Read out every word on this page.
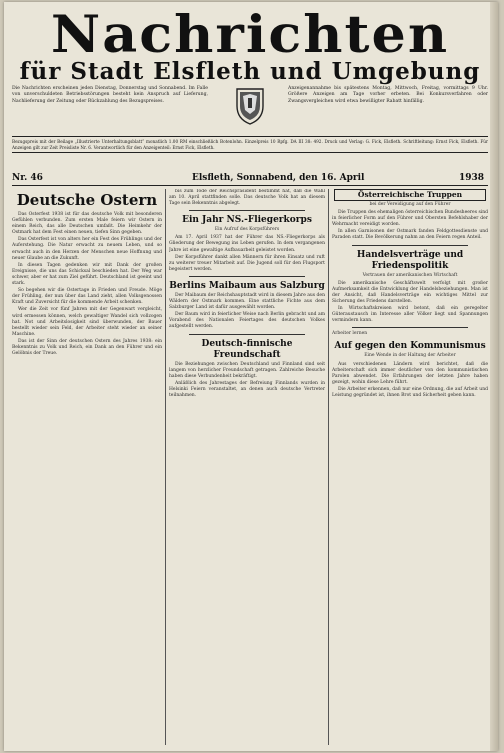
Nachrichten
für Stadt Elsfleth und Umgebung
Die Nachrichten erscheinen jeden Dienstag, Donnerstag und Sonnabend. Im Falle von unverschuldeten Betriebsstörungen besteht kein Anspruch auf Lieferung, Nachlieferung der Zeitung oder Rückzahlung des Bezugspreises.
Anzeigenannahme bis spätestens Montag, Mittwoch, Freitag, vormittags 9 Uhr. Größere Anzeigen am Tage vorher erbeten. Bei Konkursverfahren oder Zwangsvergleichen wird etwa bewilligter Rabatt hinfällig.
Bezugspreis mit der Beilage „Illustrierte Unterhaltungsblatt“ monatlich 1.00 RM einschließlich Botenlohn. Einzelpreis 10 Rpfg. DA III 38: 492. Druck und Verlag: G. Fick, Elsfleth. Schriftleitung: Ernst Fick, Elsfleth. Für Anzeigen gilt zur Zeit Preisliste Nr. 6. Verantwortlich für den Anzeigenteil: Ernst Fick, Elsfleth.
Nr. 46	Elsfleth, Sonnabend, den 16. April	1938
Deutsche Ostern

Das Osterfest 1938 ist für das deutsche Volk mit besonderen Gefühlen verbunden. Zum ersten Male feiern wir Ostern in einem Reich, das alle Deutschen umfaßt. Die Heimkehr der Ostmark hat dem Fest einen neuen, tiefen Sinn gegeben.

Das Osterfest ist von alters her ein Fest des Frühlings und der Auferstehung. Die Natur erwacht zu neuem Leben, und so erwacht auch in den Herzen der Menschen neue Hoffnung und neuer Glaube an die Zukunft.

In diesen Tagen gedenken wir mit Dank der großen Ereignisse, die uns das Schicksal beschieden hat. Der Weg war schwer, aber er hat zum Ziel geführt. Deutschland ist geeint und stark.

So begehen wir die Ostertage in Frieden und Freude. Möge der Frühling, der nun über das Land zieht, allen Volksgenossen Kraft und Zuversicht für die kommende Arbeit schenken.

Wer die Zeit vor fünf Jahren mit der Gegenwart vergleicht, wird ermessen können, welch gewaltiger Wandel sich vollzogen hat. Not und Arbeitslosigkeit sind überwunden, der Bauer bestellt wieder sein Feld, der Arbeiter steht wieder an seiner Maschine.

Das ist der Sinn der deutschen Ostern des Jahres 1938: ein Bekenntnis zu Volk und Reich, ein Dank an den Führer und ein Gelöbnis der Treue.

bis zum Tode der Reichspräsident bestimmt hat, daß die Wahl am 10. April stattfinden solle. Das deutsche Volk hat an diesem Tage sein Bekenntnis abgelegt.

Ein Jahr NS.-Fliegerkorps
Ein Aufruf des Korpsführers

Am 17. April 1937 hat der Führer das NS.-Fliegerkorps als Gliederung der Bewegung ins Leben gerufen. In dem vergangenen Jahre ist eine gewaltige Aufbauarbeit geleistet worden.

Der Korpsführer dankt allen Männern für ihren Einsatz und ruft zu weiterer treuer Mitarbeit auf. Die Jugend soll für den Flugsport begeistert werden.

Berlins Maibaum aus Salzburg

Der Maibaum der Reichshauptstadt wird in diesem Jahre aus den Wäldern der Ostmark kommen. Eine stattliche Fichte aus dem Salzburger Land ist dafür ausgewählt worden.

Der Baum wird in feierlicher Weise nach Berlin gebracht und am Vorabend des Nationalen Feiertages des deutschen Volkes aufgestellt werden.

Deutsch-finnische Freundschaft

Die Beziehungen zwischen Deutschland und Finnland sind seit langem von herzlicher Freundschaft getragen. Zahlreiche Besuche haben diese Verbundenheit bekräftigt.

Anläßlich des Jahrestages der Befreiung Finnlands wurden in Helsinki Feiern veranstaltet, an denen auch deutsche Vertreter teilnahmen.

Österreichische Truppen
bei der Vereidigung auf den Führer

Die Truppen des ehemaligen österreichischen Bundesheeres sind in feierlicher Form auf den Führer und Obersten Befehlshaber der Wehrmacht vereidigt worden.

In allen Garnisonen der Ostmark fanden Feldgottesdienste und Paraden statt. Die Bevölkerung nahm an den Feiern regen Anteil.

Handelsverträge und Friedenspolitik
Vertrauen der amerikanischen Wirtschaft

Die amerikanische Geschäftswelt verfolgt mit großer Aufmerksamkeit die Entwicklung der Handelsbeziehungen. Man ist der Ansicht, daß Handelsverträge ein wichtiges Mittel zur Sicherung des Friedens darstellen.

In Wirtschaftskreisen wird betont, daß ein geregelter Güteraustausch im Interesse aller Völker liegt und Spannungen vermindern kann.

Arbeiter lernen
Auf gegen den Kommunismus
Eine Wende in der Haltung der Arbeiter

Aus verschiedenen Ländern wird berichtet, daß die Arbeiterschaft sich immer deutlicher von den kommunistischen Parolen abwendet. Die Erfahrungen der letzten Jahre haben gezeigt, wohin diese Lehre führt.

Die Arbeiter erkennen, daß nur eine Ordnung, die auf Arbeit und Leistung gegründet ist, ihnen Brot und Sicherheit geben kann.
